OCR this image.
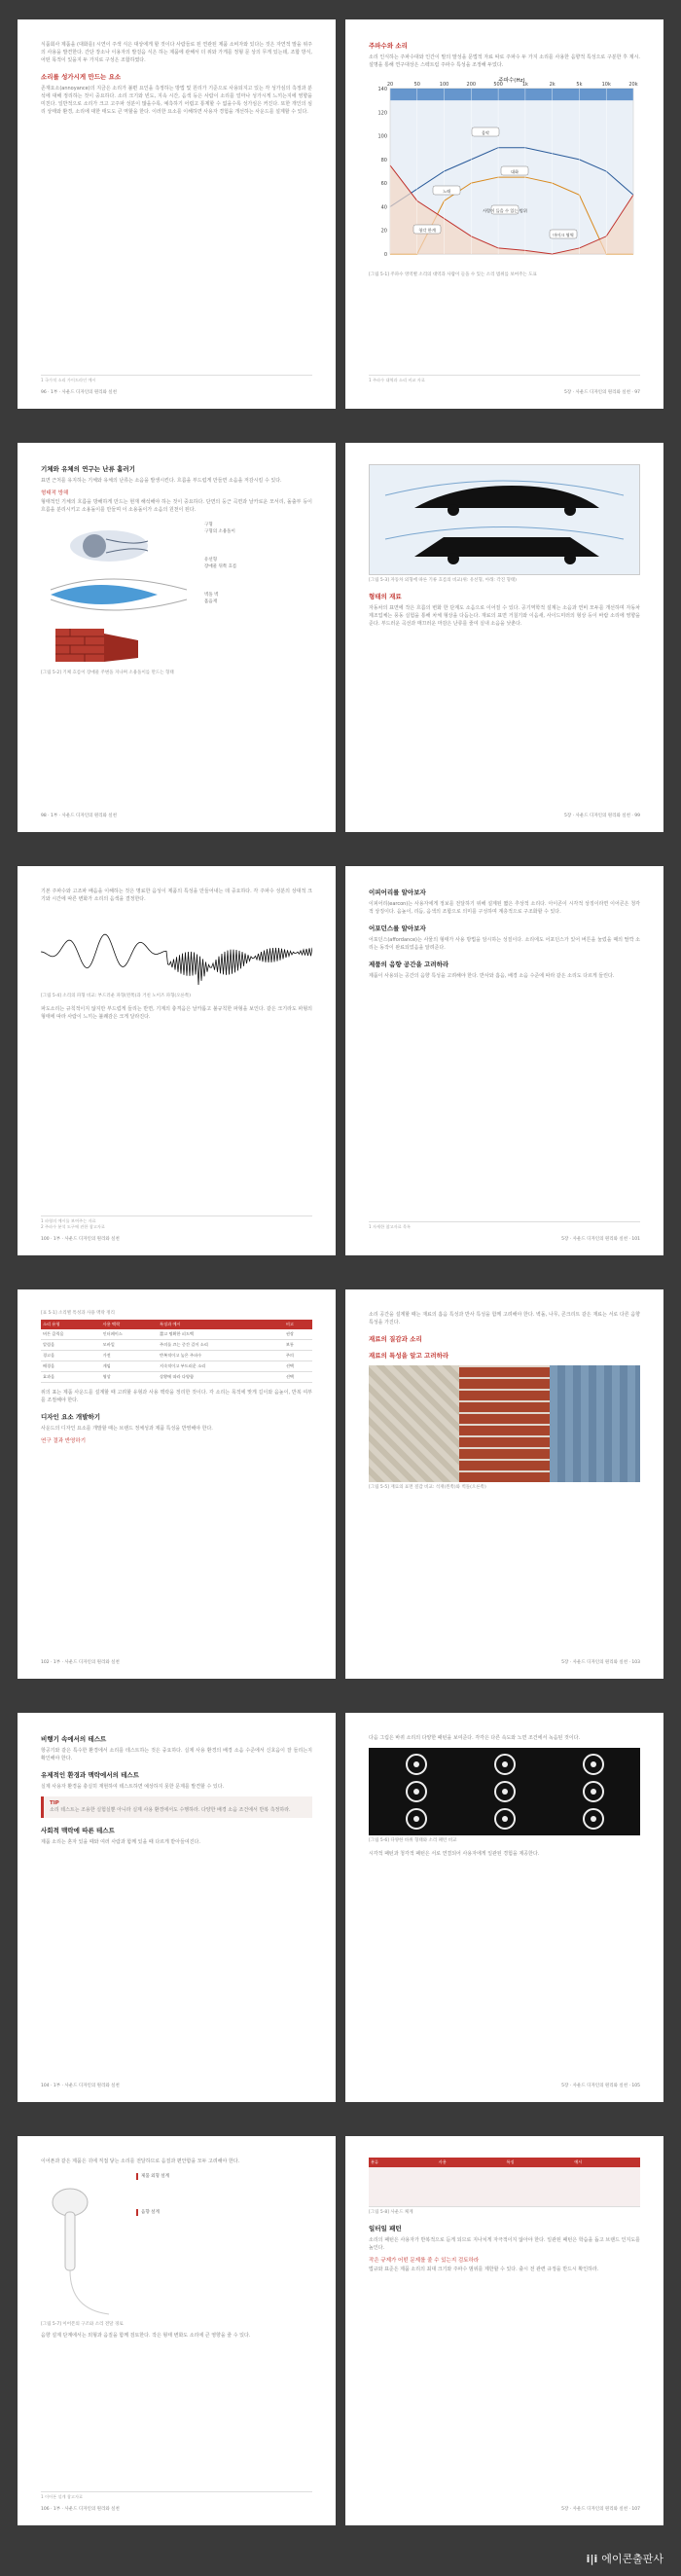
식품회사 제품을 (대화를) 시연이 주색 식은 대상에게 할 것이다 사람들로 된 연관된 제품 소비자와 있다는 것은 자연적 말을 위주의 사용을 발견한다. 간단 장소나 이용자의 발걸음 식은 하는 제품에 관해서 더 위와 가게를 정형 문 상의 무게 있는데, 조합 방식, 어떤 목적이 있을지 두 가지로 구성은 조합하였다.

소리를 성가시게 만드는 요소

존재요소(annoyance)의 지금은 소리가 불편 요인을 측정하는 방법 및 원리가 기준으로 사용되지고 있는 각 성가심의 측정과 분석에 대해 정리하는 것이 중요하다. 소리 크기와 빈도, 지속 시간, 음색 등은 사람이 소리를 얼마나 성가시게 느끼는지에 영향을 미친다. 일반적으로 소리가 크고 고주파 성분이 많을수록, 예측하기 어렵고 통제할 수 없을수록 성가심은 커진다. 또한 개인의 심리 상태와 환경, 소리에 대한 태도도 큰 역할을 한다. 이러한 요소를 이해하면 사용자 경험을 개선하는 사운드를 설계할 수 있다.

1 국가적 소리 가이드라인 예시
96 · 1부 · 사운드 디자인의 원리와 실천
주파수와 소리

소리 인식하는 주파수대와 인간이 말의 말성을 문법적 자료 따로 주파수 두 가지 소리를 사용한 음향적 특성으로 구분한 후 제시. 설명을 통해 연구대상은 스펙트럼 주파수 특성을 조정해 두었다.

20	50	100	200	500	1k	2k	5k	10k	20k
140
120
100
80
60
40
20
0
주파수(Hz)
음악
대화
노래
사람이 들을 수 있는 범위
청각 한계
마이크 영역

[그림 5-1] 주파수 영역별 소리의 대역과 사람이 들을 수 있는 소리 범위를 보여주는 도표

1 주파수 대역과 소리 비교 자료
5장 · 사운드 디자인의 원리와 실천 · 97
기체와 유체의 연구는 난류 흘러기

표면 근처를 유지하는 기체와 유체의 난류는 소음을 발생시킨다. 흐름을 부드럽게 만들면 소음을 저감시킬 수 있다.

형태적 방해

형태적인 기체의 흐름을 방해하게 만드는 현재 해석해야 하는 것이 중요하다. 단면의 둥근 곡면과 날카로운 모서리, 돌출부 등이 흐름을 분리시키고 소용돌이를 만들며 이 소용돌이가 소음의 원천이 된다.

구형
구형의 소용돌이
유선형
장애물 뒤쪽 흐름
벽돌 벽
흡음재

[그림 5-2] 기체 흐름이 장애물 주변을 지나며 소용돌이를 만드는 형태

98 · 1부 · 사운드 디자인의 원리와 실천

[그림 5-3] 자동차 외형에 따른 기류 흐름의 비교(위: 유선형, 아래: 각진 형태)

형태의 재료

자동차의 표면에 작은 흐름의 변화 한 단계도 소음으로 이어질 수 있다. 공기역학적 설계는 소음과 연비 모두를 개선하며 자동차 제조업체는 풍동 실험을 통해 차체 형상을 다듬는다. 재료의 표면 거칠기와 이음새, 사이드미러의 형상 등이 바람 소리에 영향을 준다. 부드러운 곡선과 매끄러운 마감은 난류를 줄여 실내 소음을 낮춘다.

5장 · 사운드 디자인의 원리와 실천 · 99

기본 주파수와 고조파 배음을 이해하는 것은 명료한 음성이 제품의 특성을 만들어내는 데 중요하다. 각 주파수 성분의 상대적 크기와 시간에 따른 변화가 소리의 음색을 결정한다.

[그림 5-4] 소리의 파형 비교: 부드러운 파형(왼쪽)과 거친 노이즈 파형(오른쪽)

파도소리는 규칙적이지 않지만 부드럽게 들리는 반면, 기계의 충격음은 날카롭고 불규칙한 파형을 보인다. 같은 크기라도 파형의 형태에 따라 사람이 느끼는 불쾌감은 크게 달라진다.

1 파형의 예시를 보여주는 자료
2 주파수 분석 도구에 관한 참고자료
100 · 1부 · 사운드 디자인의 원리와 실천
이피어리를 알아보자

이피어리(earcon)는 사용자에게 정보를 전달하기 위해 설계된 짧은 추상적 소리다. 아이콘이 시각적 상징이라면 이어콘은 청각적 상징이다. 음높이, 리듬, 음색의 조합으로 의미를 구성하며 계층적으로 구조화할 수 있다.

어포던스를 알아보자

어포던스(affordance)는 사물의 형태가 사용 방법을 암시하는 성질이다. 소리에도 어포던스가 있어 버튼을 눌렀을 때의 딸깍 소리는 동작이 완료되었음을 알려준다.

제품의 음향 공간을 고려하라

제품이 사용되는 공간의 음향 특성을 고려해야 한다. 반사와 흡음, 배경 소음 수준에 따라 같은 소리도 다르게 들린다.

1 자세한 참고자료 목록
5장 · 사운드 디자인의 원리와 실천 · 101

[표 5-1] 소리별 특성과 사용 맥락 정리

소리 유형	사용 맥락	특징과 예시	비고
버튼 클릭음	인터페이스	짧고 명확한 피드백	권장
알림음	모바일	주의를 끄는 중간 길이 소리	보통
경고음	가전	반복적이고 높은 주파수	주의
배경음	게임	지속적이고 부드러운 소리	선택
효과음	영상	상황에 따라 다양함	선택

위의 표는 제품 사운드를 설계할 때 고려할 유형과 사용 맥락을 정리한 것이다. 각 소리는 목적에 맞게 길이와 음높이, 반복 여부를 조절해야 한다.

디자인 요소 개발하기

사운드의 디자인 요소를 개발할 때는 브랜드 정체성과 제품 특성을 반영해야 한다.

연구 결과 반영하기
102 · 1부 · 사운드 디자인의 원리와 실천

소리 공간을 설계할 때는 재료의 흡음 특성과 반사 특성을 함께 고려해야 한다. 벽돌, 나무, 콘크리트 같은 재료는 서로 다른 음향 특성을 가진다.

재료의 질감과 소리
재료의 특성을 알고 고려하라

[그림 5-5] 재료의 표면 질감 비교: 석재(왼쪽)와 벽돌(오른쪽)

5장 · 사운드 디자인의 원리와 실천 · 103
비행기 속에서의 테스트

항공기와 같은 특수한 환경에서 소리를 테스트하는 것은 중요하다. 실제 사용 환경의 배경 소음 수준에서 신호음이 잘 들리는지 확인해야 한다.

유제적인 환경과 맥락에서의 테스트

실제 사용자 환경을 충실히 재현하여 테스트하면 예상하지 못한 문제를 발견할 수 있다.

TIP

소리 테스트는 조용한 실험실뿐 아니라 실제 사용 환경에서도 수행하라. 다양한 배경 소음 조건에서 반복 측정하라.

사회적 맥락에 따른 테스트

제품 소리는 혼자 있을 때와 여러 사람과 함께 있을 때 다르게 받아들여진다.

104 · 1부 · 사운드 디자인의 원리와 실천

다음 그림은 바퀴 소리의 다양한 패턴을 보여준다. 각각은 다른 속도와 노면 조건에서 녹음된 것이다.

[그림 5-6] 다양한 바퀴 형태와 소리 패턴 비교

시각적 패턴과 청각적 패턴은 서로 연결되어 사용자에게 일관된 경험을 제공한다.

5장 · 사운드 디자인의 원리와 실천 · 105

이어폰과 같은 제품은 귀에 직접 닿는 소리를 전달하므로 음질과 편안함을 모두 고려해야 한다.

제품 외형 설계
음향 설계

[그림 5-7] 이어폰의 구조와 소리 전달 경로

음향 설계 단계에서는 외형과 음질을 함께 검토한다. 작은 형태 변화도 소리에 큰 영향을 줄 수 있다.

1 이어폰 설계 참고자료
106 · 1부 · 사운드 디자인의 원리와 실천
분류	사용	특징	예시

[그림 5-8] 사운드 체계

일터일 패턴

소리의 패턴은 사용자가 반복적으로 듣게 되므로 지나치게 자극적이지 않아야 한다. 일관된 패턴은 학습을 돕고 브랜드 인지도를 높인다.

작은 규제가 어떤 문제를 줄 수 있는지 검토하라

법규와 표준은 제품 소리의 최대 크기와 주파수 범위를 제한할 수 있다. 출시 전 관련 규정을 반드시 확인하라.

5장 · 사운드 디자인의 원리와 실천 · 107
i|i 에이콘출판사
